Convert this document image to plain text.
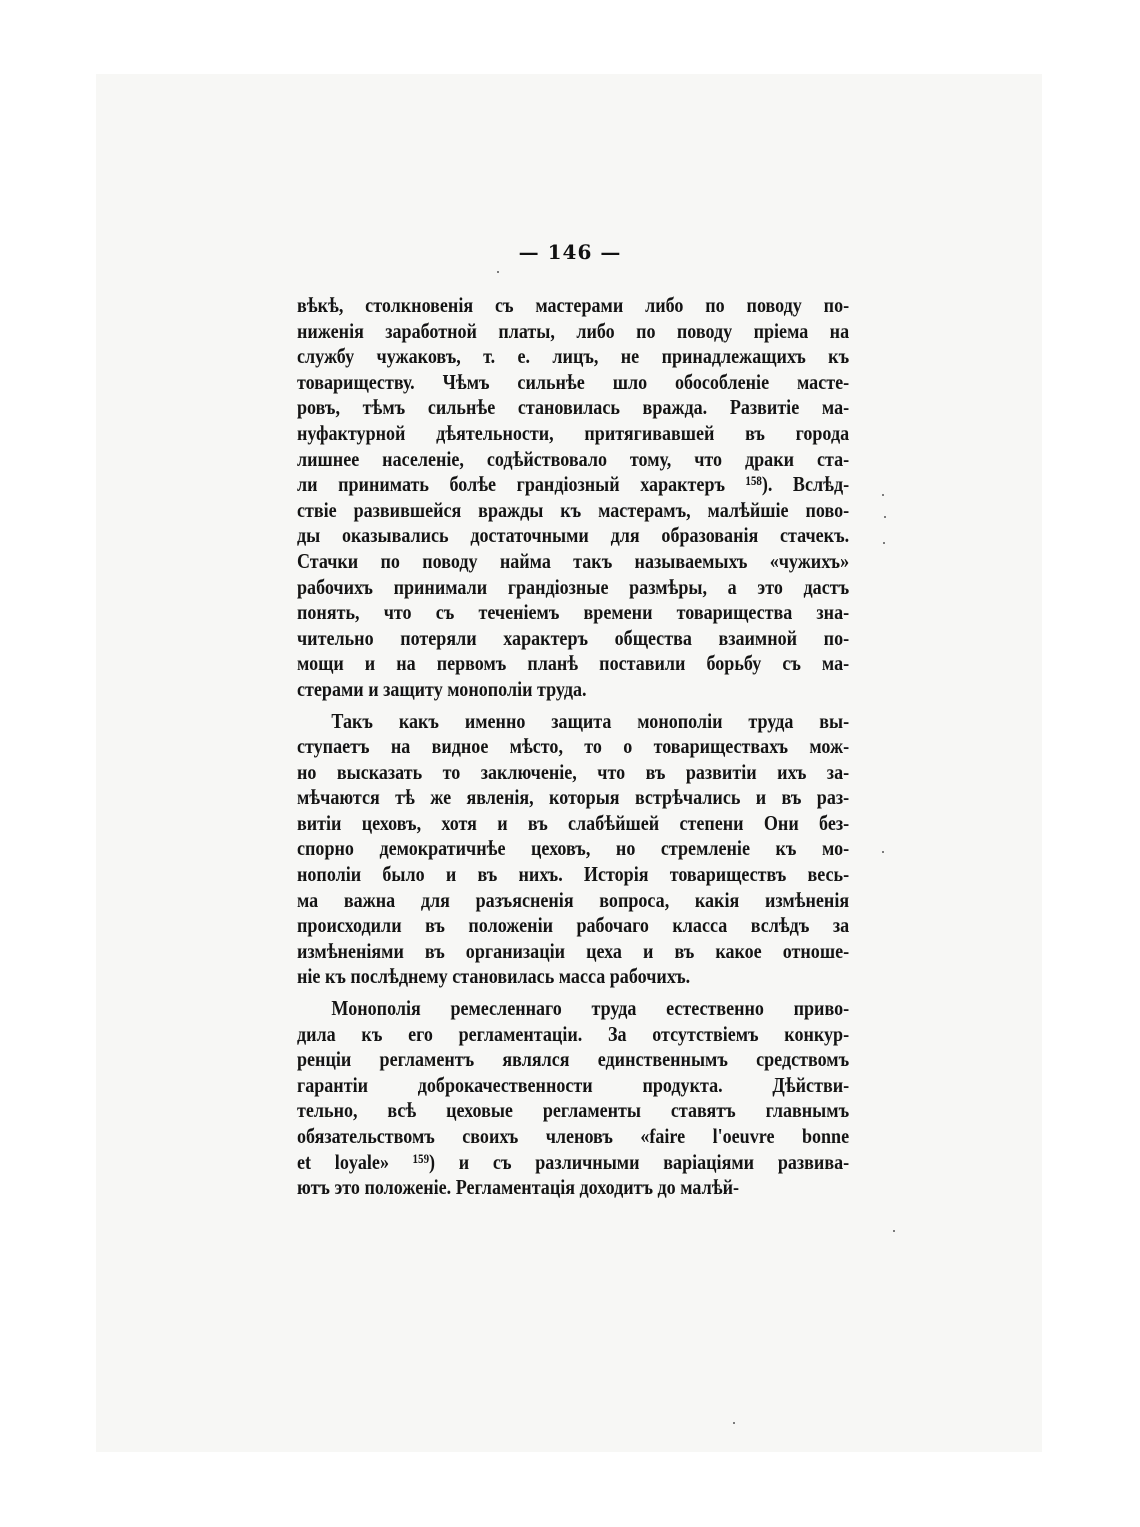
— 146 —
вѣкѣ, столкновенія съ мастерами либо по поводу по-
ниженія заработной платы, либо по поводу пріема на
службу чужаковъ, т. е. лицъ, не принадлежащихъ къ
товариществу. Чѣмъ сильнѣе шло обособленіе мастe-
ровъ, тѣмъ сильнѣе становилась вражда. Развитіе ма-
нуфактурной дѣятельности, притягивавшей въ города
лишнее населеніе, содѣйствовало тому, что драки ста-
ли принимать болѣе грандіозный характеръ ¹⁵⁸). Вслѣд-
ствіе развившейся вражды къ мастерамъ, малѣйшіе пово-
ды оказывались достаточными для образованія стачекъ.
Стачки по поводу найма такъ называемыхъ «чужихъ»
рабочихъ принимали грандіозные размѣры, а это дастъ
понять, что съ теченіемъ времени товарищества зна-
чительно потеряли характеръ общества взаимной по-
мощи и на первомъ планѣ поставили борьбу съ ма-
стерами и защиту монополіи труда.
Такъ какъ именно защита монополіи труда вы-
ступаетъ на видное мѣсто, то о товариществахъ мож-
но высказать то заключеніе, что въ развитіи ихъ за-
мѣчаются тѣ же явленія, которыя встрѣчались и въ раз-
витіи цеховъ, хотя и въ слабѣйшей степени Они без-
спорно демократичнѣе цеховъ, но стремленіе къ мо-
нополіи было и въ нихъ. Исторія товариществъ весь-
ма важна для разъясненія вопроса, какія измѣненія
происходили въ положеніи рабочаго класса вслѣдъ за
измѣненіями въ организаціи цеха и въ какое отноше-
ніе къ послѣднему становилась масса рабочихъ.
Монополія ремесленнаго труда естественно приво-
дила къ его регламентаціи. За отсутствіемъ конкур-
ренціи регламентъ являлся единственнымъ средствомъ
гарантіи доброкачественности продукта. Дѣйстви-
тельно, всѣ цеховые регламенты ставятъ главнымъ
обязательствомъ своихъ членовъ «faire l'oeuvre bonne
et loyale» ¹⁵⁹) и съ различными варіаціями развива-
ютъ это положеніе. Регламентація доходитъ до малѣй-
